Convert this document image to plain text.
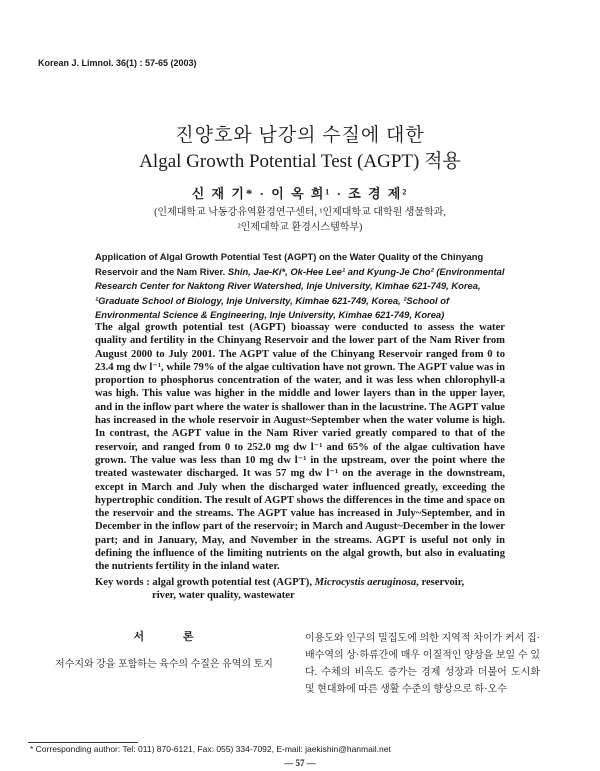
Korean J. Limnol. 36(1) : 57-65 (2003)
진양호와 남강의 수질에 대한
Algal Growth Potential Test (AGPT) 적용
신 재 기* · 이 옥 희¹ · 조 경 제²
(인제대학교 낙동강유역환경연구센터, ¹인제대학교 대학원 생물학과,
²인제대학교 환경시스템학부)
Application of Algal Growth Potential Test (AGPT) on the Water Quality of the Chinyang Reservoir and the Nam River. Shin, Jae-Ki*, Ok-Hee Lee¹ and Kyung-Je Cho² (Environmental Research Center for Naktong River Watershed, Inje University, Kimhae 621-749, Korea, ¹Graduate School of Biology, Inje University, Kimhae 621-749, Korea, ²School of Environmental Science & Engineering, Inje University, Kimhae 621-749, Korea)

The algal growth potential test (AGPT) bioassay were conducted to assess the water quality and fertility in the Chinyang Reservoir and the lower part of the Nam River from August 2000 to July 2001. The AGPT value of the Chinyang Reservoir ranged from 0 to 23.4 mg dw l⁻¹, while 79% of the algae cultivation have not grown. The AGPT value was in proportion to phosphorus concentration of the water, and it was less when chlorophyll-a was high. This value was higher in the middle and lower layers than in the upper layer, and in the inflow part where the water is shallower than in the lacustrine. The AGPT value has increased in the whole reservoir in August~September when the water volume is high. In contrast, the AGPT value in the Nam River varied greatly compared to that of the reservoir, and ranged from 0 to 252.0 mg dw l⁻¹ and 65% of the algae cultivation have grown. The value was less than 10 mg dw l⁻¹ in the upstream, over the point where the treated wastewater discharged. It was 57 mg dw l⁻¹ on the average in the downstream, except in March and July when the discharged water influenced greatly, exceeding the hypertrophic condition. The result of AGPT shows the differences in the time and space on the reservoir and the streams. The AGPT value has increased in July~September, and in December in the inflow part of the reservoir; in March and August~December in the lower part; and in January, May, and November in the streams. AGPT is useful not only in defining the influence of the limiting nutrients on the algal growth, but also in evaluating the nutrients fertility in the inland water.

Key words : algal growth potential test (AGPT), Microcystis aeruginosa, reservoir,
river, water quality, wastewater
서 론
저수지와 강을 포함하는 육수의 수질은 유역의 토지
이용도와 인구의 밀집도에 의한 지역적 차이가 커서 집·배수역의 상·하류간에 매우 이질적인 양상을 보일 수 있다. 수체의 비옥도 증가는 경제 성장과 더불어 도시화 및 현대화에 따른 생활 수준의 향상으로 하·오수
* Corresponding author: Tel: 011) 870-6121, Fax: 055) 334-7092, E-mail: jaekishin@hanmail.net
— 57 —
